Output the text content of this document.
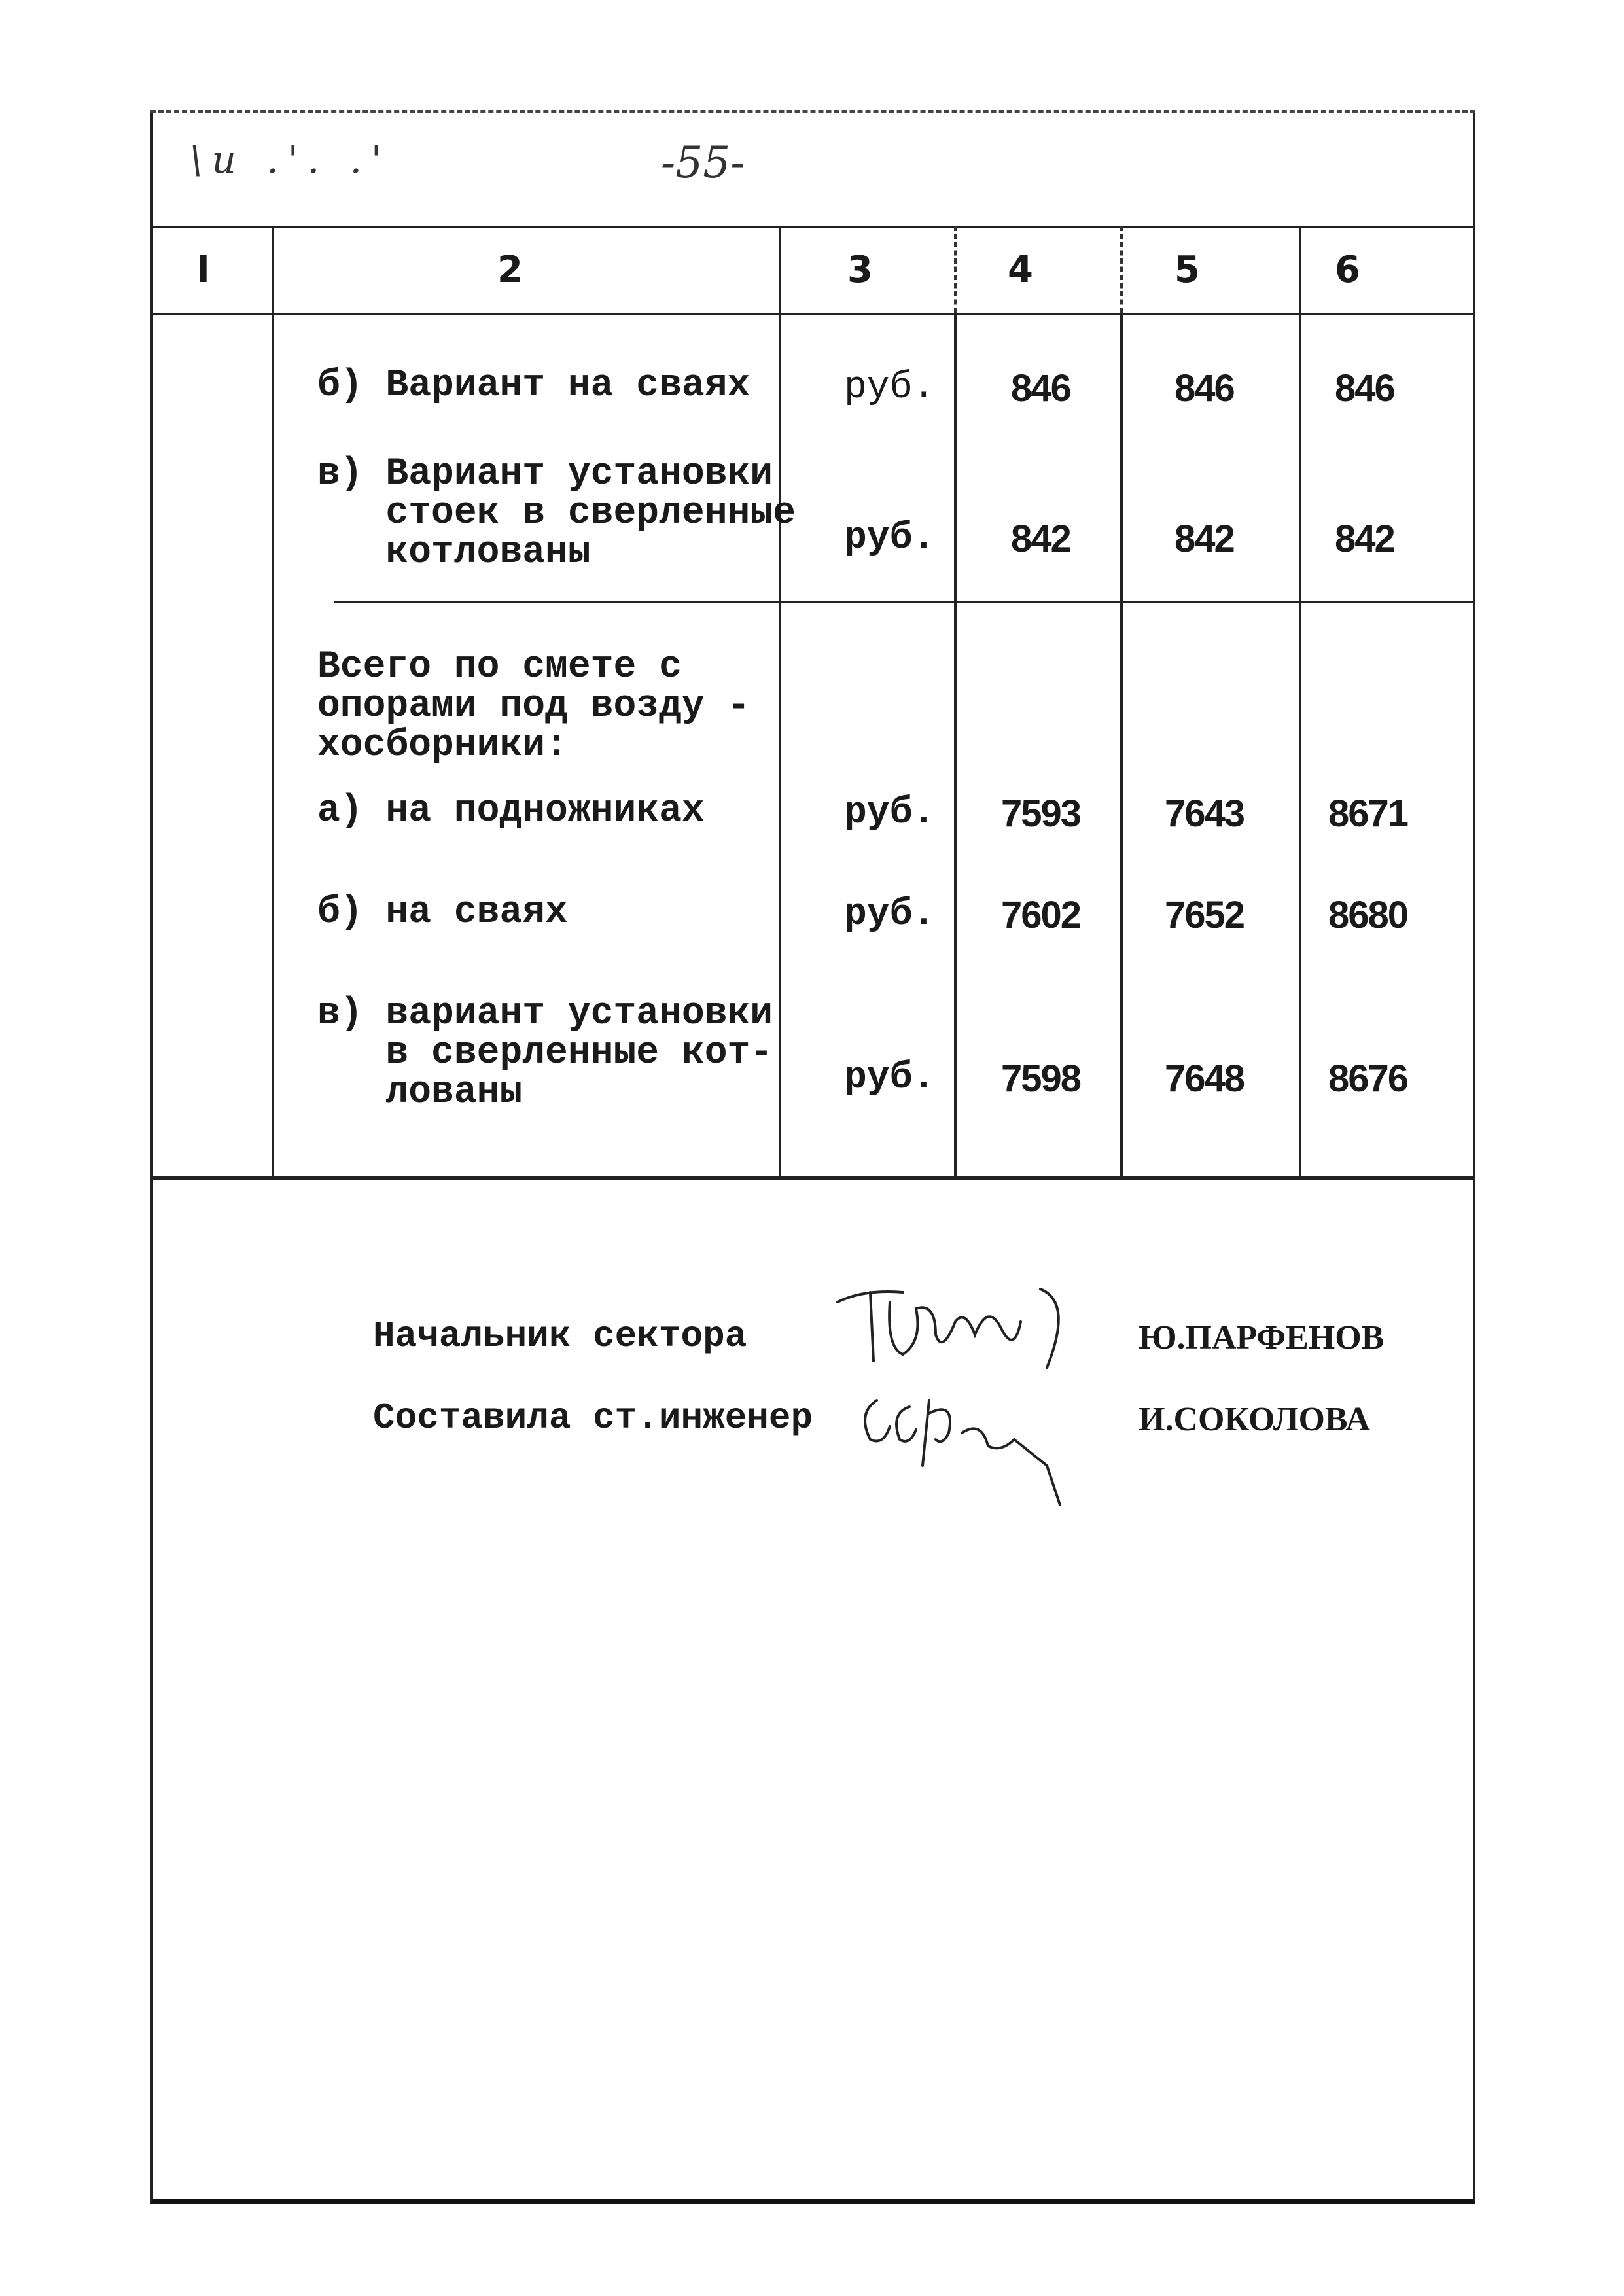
\u .'. .'	-55-
I	2	3	4	5	6
б) Вариант на сваях руб. 846	846	846
в) Вариант установки
стоек в сверленные
котлованы	руб. 842	842	842
Всего по смете с
опорами под возду -
хосборники:
а) на подножниках	руб. 7593 7643 8671
б) на сваях	руб. 7602 7652 8680
в) вариант установки
в сверленные кот-
лованы	руб. 7598 7648 8676
Начальник сектора	Ю.ПАРФЕНОВ
Составила ст.инженер	И.СОКОЛОВА
